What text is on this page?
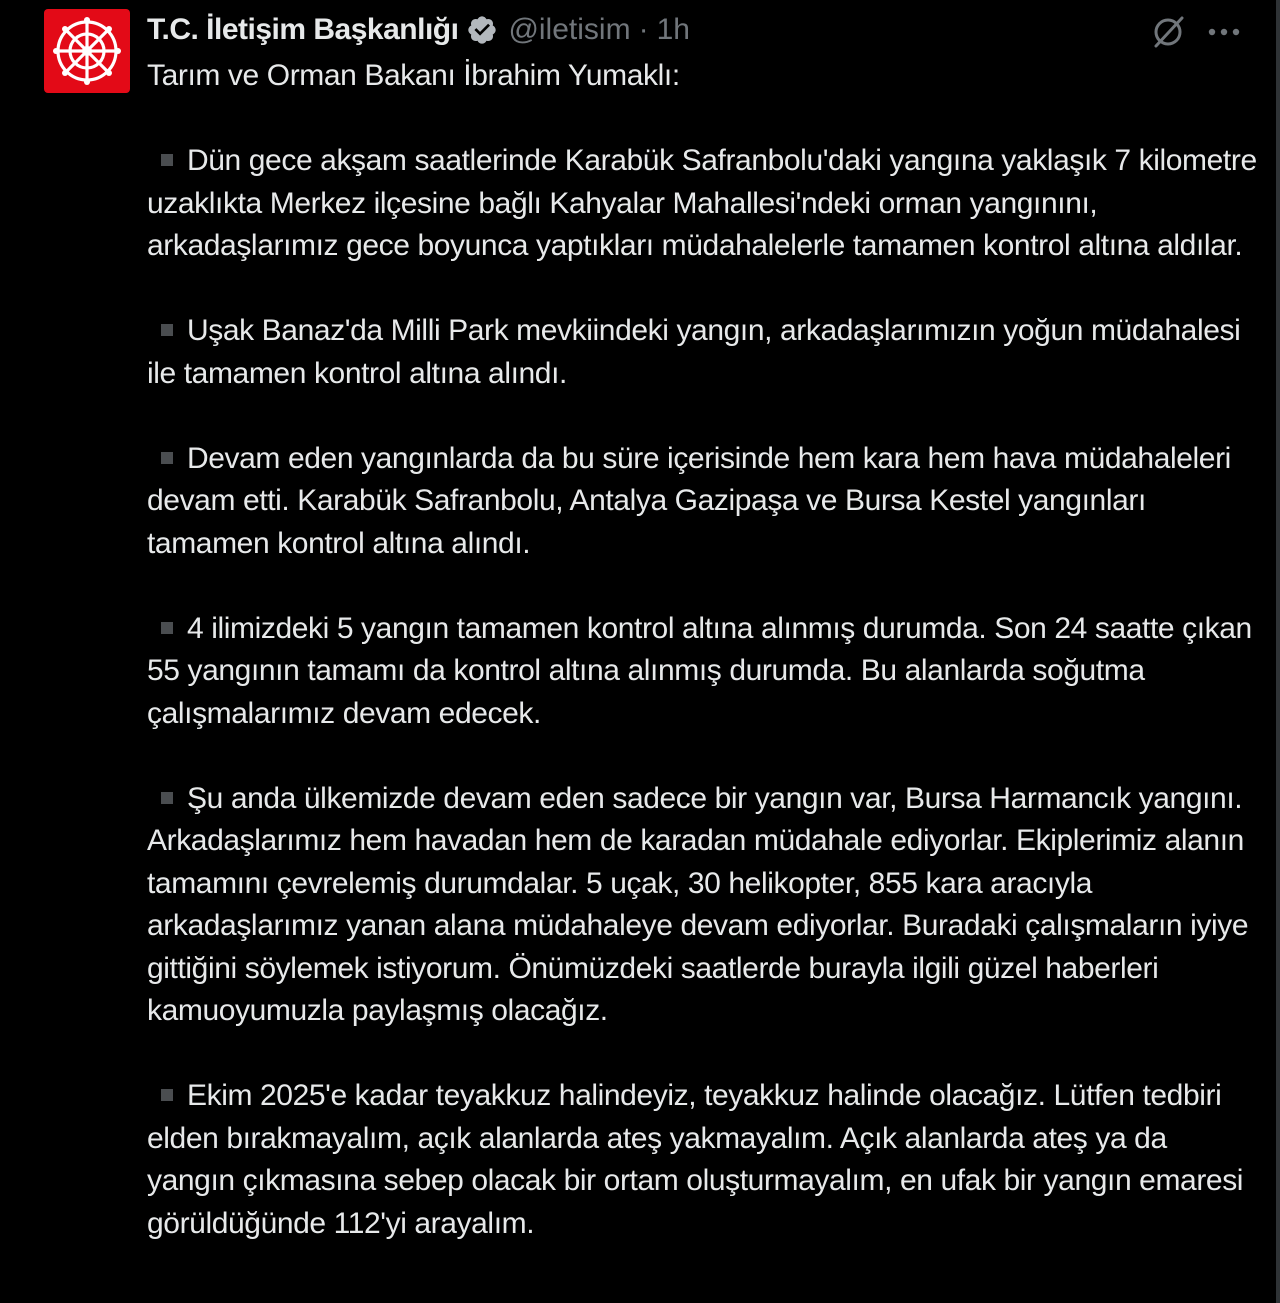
T.C. İletişim Başkanlığı @iletisim · 1h

Tarım ve Orman Bakanı İbrahim Yumaklı:

Dün gece akşam saatlerinde Karabük Safranbolu'daki yangına yaklaşık 7 kilometre uzaklıkta Merkez ilçesine bağlı Kahyalar Mahallesi'ndeki orman yangınını, arkadaşlarımız gece boyunca yaptıkları müdahalelerle tamamen kontrol altına aldılar.

Uşak Banaz'da Milli Park mevkiindeki yangın, arkadaşlarımızın yoğun müdahalesi ile tamamen kontrol altına alındı.

Devam eden yangınlarda da bu süre içerisinde hem kara hem hava müdahaleleri devam etti. Karabük Safranbolu, Antalya Gazipaşa ve Bursa Kestel yangınları tamamen kontrol altına alındı.

4 ilimizdeki 5 yangın tamamen kontrol altına alınmış durumda. Son 24 saatte çıkan 55 yangının tamamı da kontrol altına alınmış durumda. Bu alanlarda soğutma çalışmalarımız devam edecek.

Şu anda ülkemizde devam eden sadece bir yangın var, Bursa Harmancık yangını. Arkadaşlarımız hem havadan hem de karadan müdahale ediyorlar. Ekiplerimiz alanın tamamını çevrelemiş durumdalar. 5 uçak, 30 helikopter, 855 kara aracıyla arkadaşlarımız yanan alana müdahaleye devam ediyorlar. Buradaki çalışmaların iyiye gittiğini söylemek istiyorum. Önümüzdeki saatlerde burayla ilgili güzel haberleri kamuoyumuzla paylaşmış olacağız.

Ekim 2025'e kadar teyakkuz halindeyiz, teyakkuz halinde olacağız. Lütfen tedbiri elden bırakmayalım, açık alanlarda ateş yakmayalım. Açık alanlarda ateş ya da yangın çıkmasına sebep olacak bir ortam oluşturmayalım, en ufak bir yangın emaresi görüldüğünde 112'yi arayalım.
